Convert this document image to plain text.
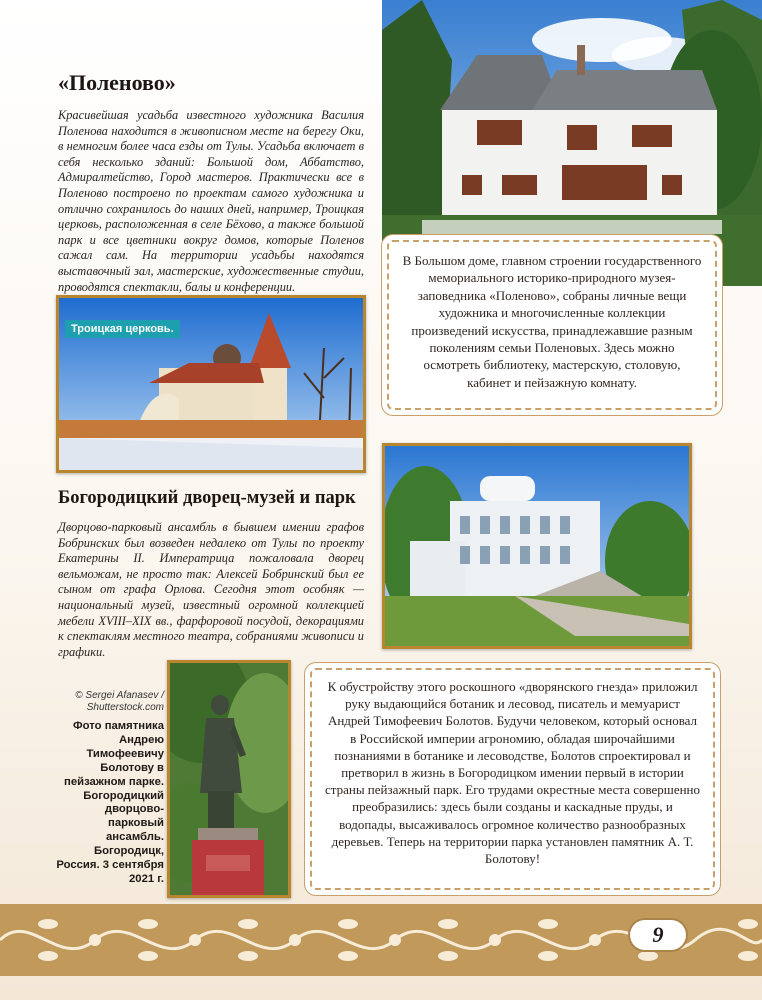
«Поленово»
Красивейшая усадьба известного художника Василия Поленова находится в живописном месте на берегу Оки, в немногим более часа езды от Тулы. Усадьба включает в себя несколько зданий: Большой дом, Аббатство, Адмиралтейство, Город мастеров. Практически все в Поленово построено по проектам самого художника и отлично сохранилось до наших дней, например, Троицкая церковь, расположенная в селе Бёхово, а также большой парк и все цветники вокруг домов, которые Поленов сажал сам. На территории усадьбы находятся выставочный зал, мастерские, художественные студии, проводятся спектакли, балы и конференции.
В Большом доме, главном строении государственного мемориального историко-природного музея-заповедника «Поленово», собраны личные вещи художника и многочисленные коллекции произведений искусства, принадлежавшие разным поколениям семьи Поленовых. Здесь можно осмотреть библиотеку, мастерскую, столовую, кабинет и пейзажную комнату.
Троицкая церковь.
Богородицкий дворец-музей и парк
Дворцово-парковый ансамбль в бывшем имении графов Бобринских был возведен недалеко от Тулы по проекту Екатерины II. Императрица пожаловала дворец вельможам, не просто так: Алексей Бобринский был ее сыном от графа Орлова. Сегодня этот особняк — национальный музей, известный огромной коллекцией мебели XVIII–XIX вв., фарфоровой посудой, декорациями к спектаклям местного театра, собраниями живописи и графики.
© Sergei Afanasev / Shutterstock.com
Фото памятника Андрею Тимофеевичу Болотову в пейзажном парке. Богородицкий дворцово-парковый ансамбль. Богородицк, Россия. 3 сентября 2021 г.
К обустройству этого роскошного «дворянского гнезда» приложил руку выдающийся ботаник и лесовод, писатель и мемуарист Андрей Тимофеевич Болотов. Будучи человеком, который основал в Российской империи агрономию, обладая широчайшими познаниями в ботанике и лесоводстве, Болотов спроектировал и претворил в жизнь в Богородицком имении первый в истории страны пейзажный парк. Его трудами окрестные места совершенно преобразились: здесь были созданы и каскадные пруды, и водопады, высаживалось огромное количество разнообразных деревьев. Теперь на территории парка установлен памятник А. Т. Болотову!
9
